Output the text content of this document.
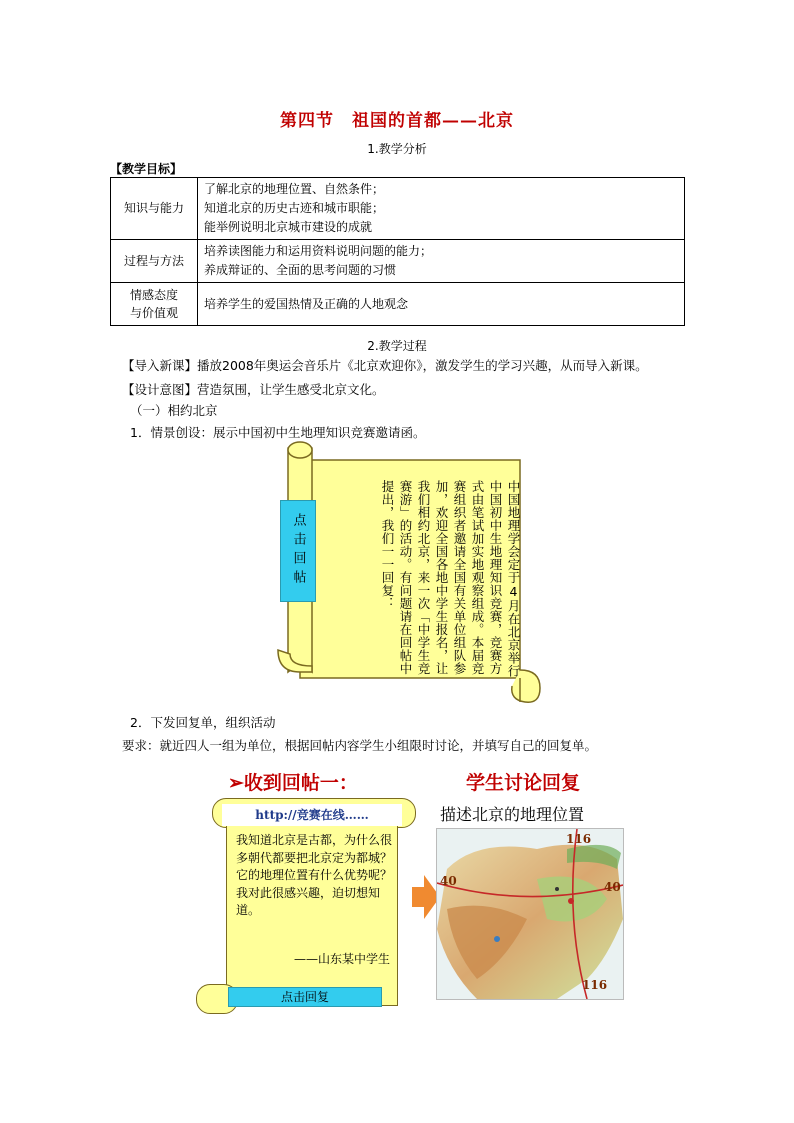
第四节　祖国的首都——北京
1.教学分析
【教学目标】
知识与能力	了解北京的地理位置、自然条件；
知道北京的历史古迹和城市职能；
能举例说明北京城市建设的成就

过程与方法	培养读图能力和运用资料说明问题的能力；
养成辩证的、全面的思考问题的习惯

情感态度
与价值观	培养学生的爱国热情及正确的人地观念
2.教学过程
【导入新课】播放2008年奥运会音乐片《北京欢迎你》，激发学生的学习兴趣，从而导入新课。
【设计意图】营造氛围，让学生感受北京文化。
（一）相约北京
1．情景创设：展示中国初中生地理知识竞赛邀请函。
点击回帖	中国地理学会定于4月在北京举行中国初中生地理知识竞赛，竞赛方式由笔试加实地观察组成。本届竞赛组织者邀请全国有关单位组队参加，欢迎全国各地中学生报名，让我们相约北京，来一次「中学生竞赛游」的活动。有问题请在回帖中提出，我们一一回复：
2．下发回复单，组织活动
要求：就近四人一组为单位，根据回帖内容学生小组限时讨论，并填写自己的回复单。
➢收到回帖一：
http://竞赛在线……
我知道北京是古都，为什么很多朝代都要把北京定为都城？它的地理位置有什么优势呢？我对此很感兴趣，迫切想知道。
——山东某中学生
点击回复
学生讨论回复
描述北京的地理位置
40	40
116
116
